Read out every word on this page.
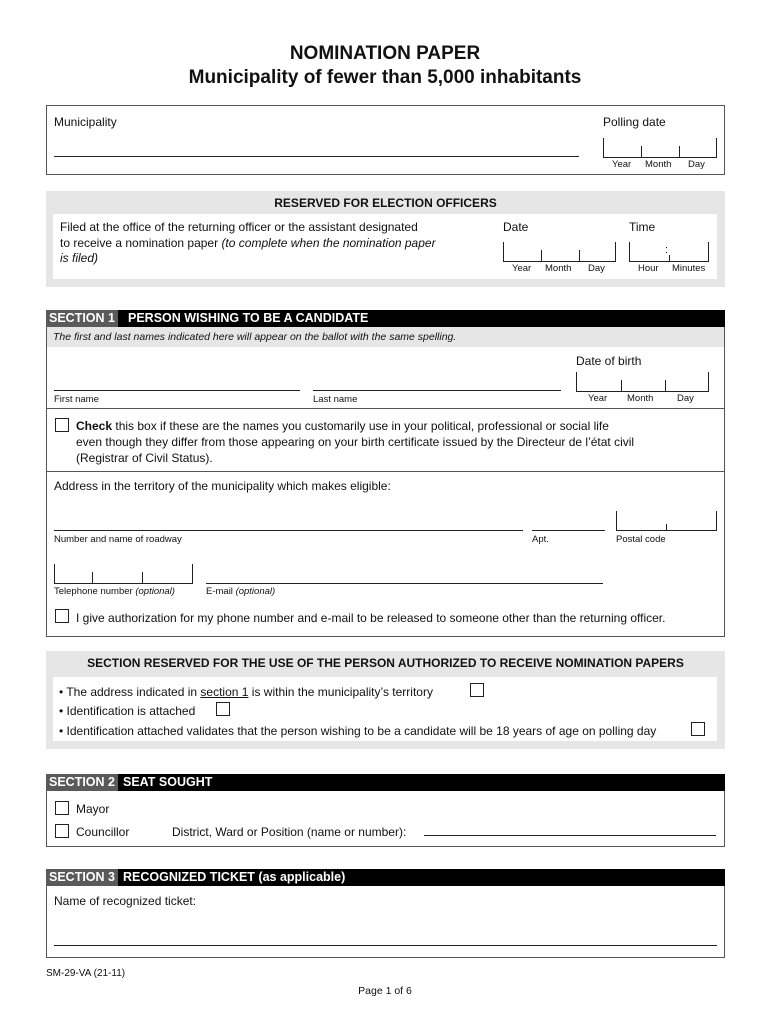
NOMINATION PAPER
Municipality of fewer than 5,000 inhabitants
Municipality	Polling date
Year Month Day
RESERVED FOR ELECTION OFFICERS
Filed at the office of the returning officer or the assistant designated
to receive a nomination paper (to complete when the nomination paper
is filed)
Date
Year Month Day
Time
:
Hour Minutes
SECTION 1 PERSON WISHING TO BE A CANDIDATE
The first and last names indicated here will appear on the ballot with the same spelling.
Date of birth
First name	Last name	Year Month Day
Check this box if these are the names you customarily use in your political, professional or social life
even though they differ from those appearing on your birth certificate issued by the Directeur de l’état civil
(Registrar of Civil Status).
Address in the territory of the municipality which makes eligible:
Number and name of roadway	Apt.	Postal code
Telephone number (optional)	E-mail (optional)
I give authorization for my phone number and e-mail to be released to someone other than the returning officer.
SECTION RESERVED FOR THE USE OF THE PERSON AUTHORIZED TO RECEIVE NOMINATION PAPERS
• The address indicated in section 1 is within the municipality’s territory
• Identification is attached
• Identification attached validates that the person wishing to be a candidate will be 18 years of age on polling day
SECTION 2 SEAT SOUGHT
Mayor
Councillor	District, Ward or Position (name or number):
SECTION 3 RECOGNIZED TICKET (as applicable)
Name of recognized ticket:
SM-29-VA (21-11)
Page 1 of 6
